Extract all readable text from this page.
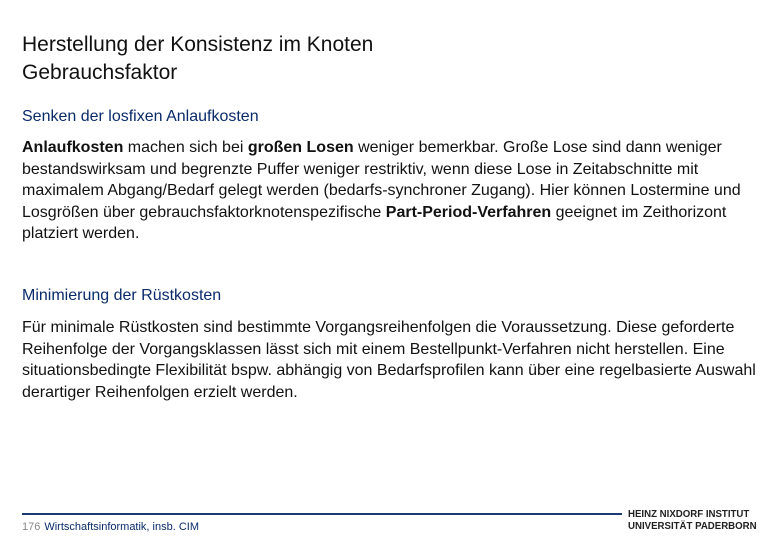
Herstellung der Konsistenz im Knoten
Gebrauchsfaktor
Senken der losfixen Anlaufkosten
Anlaufkosten machen sich bei großen Losen weniger bemerkbar. Große Lose sind dann weniger bestandswirksam und begrenzte Puffer weniger restriktiv, wenn diese Lose in Zeitabschnitte mit maximalem Abgang/Bedarf gelegt werden (bedarfs-synchroner Zugang). Hier können Lostermine und Losgrößen über gebrauchsfaktorknotenspezifische Part-Period-Verfahren geeignet im Zeithorizont platziert werden.
Minimierung der Rüstkosten
Für minimale Rüstkosten sind bestimmte Vorgangsreihenfolgen die Voraussetzung. Diese geforderte Reihenfolge der Vorgangsklassen lässt sich mit einem Bestellpunkt-Verfahren nicht herstellen. Eine situationsbedingte Flexibilität bspw. abhängig von Bedarfsprofilen kann über eine regelbasierte Auswahl derartiger Reihenfolgen erzielt werden.
176 Wirtschaftsinformatik, insb. CIM
HEINZ NIXDORF INSTITUT
UNIVERSITÄT PADERBORN
